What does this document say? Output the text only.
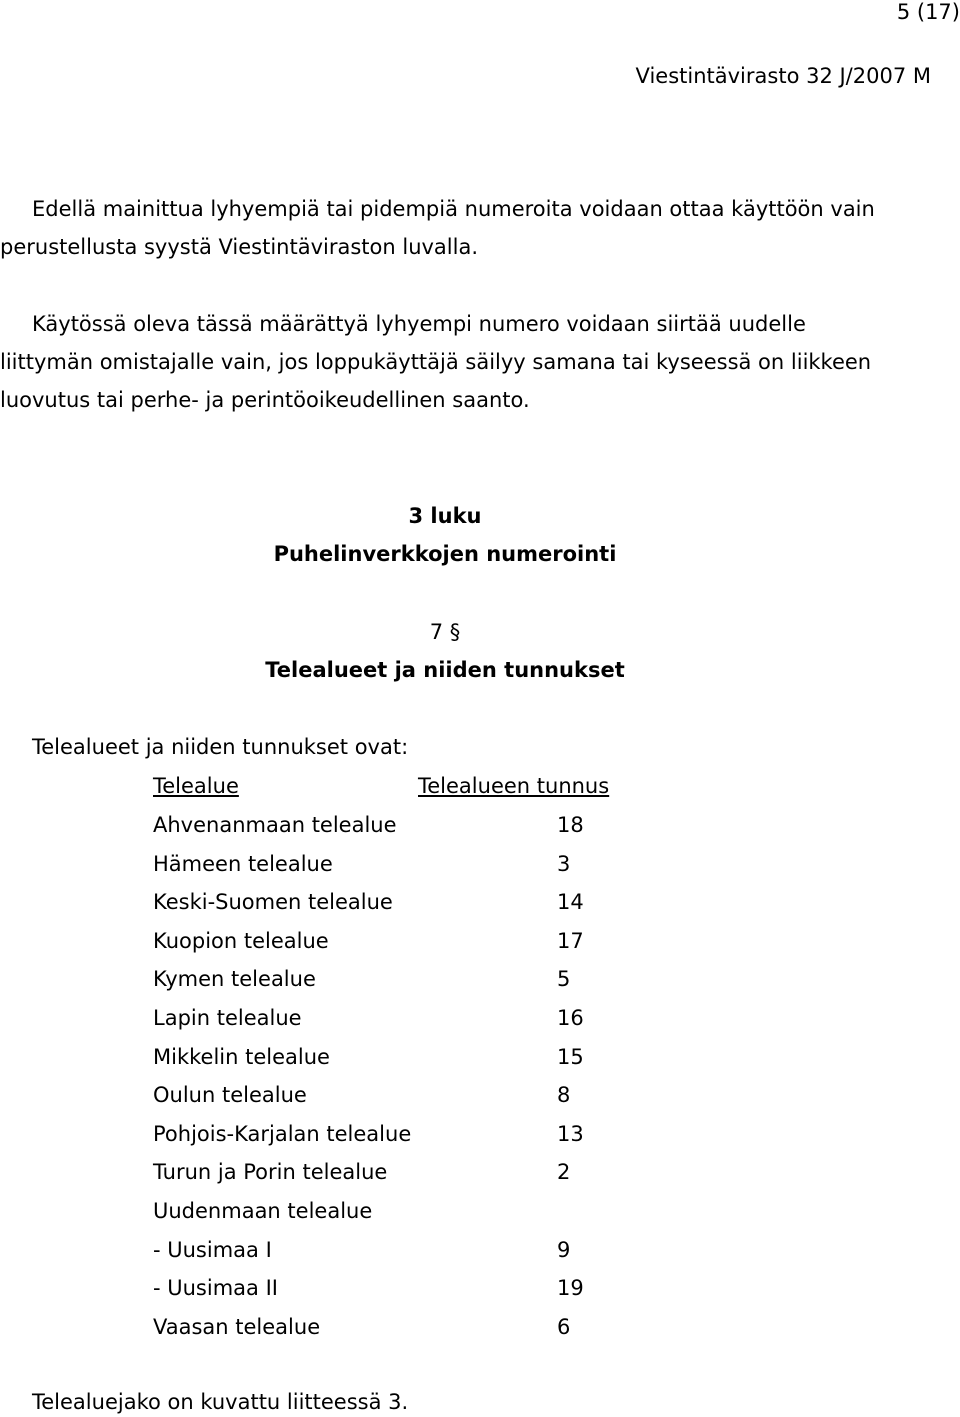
5 (17)
Viestintävirasto 32 J/2007 M
Edellä mainittua lyhyempiä tai pidempiä numeroita voidaan ottaa käyttöön vain perustellusta syystä Viestintäviraston luvalla.
Käytössä oleva tässä määrättyä lyhyempi numero voidaan siirtää uudelle liittymän omistajalle vain, jos loppukäyttäjä säilyy samana tai kyseessä on liikkeen luovutus tai perhe- ja perintöoikeudellinen saanto.
3 luku
Puhelinverkkojen numerointi
7 §
Telealueet ja niiden tunnukset
Telealueet ja niiden tunnukset ovat:
Telealue	Telealueen tunnus
Ahvenanmaan telealue	18
Hämeen telealue	3
Keski-Suomen telealue	14
Kuopion telealue	17
Kymen telealue	5
Lapin telealue	16
Mikkelin telealue	15
Oulun telealue	8
Pohjois-Karjalan telealue	13
Turun ja Porin telealue	2
Uudenmaan telealue
- Uusimaa I	9
- Uusimaa II	19
Vaasan telealue	6
Telealuejako on kuvattu liitteessä 3.
